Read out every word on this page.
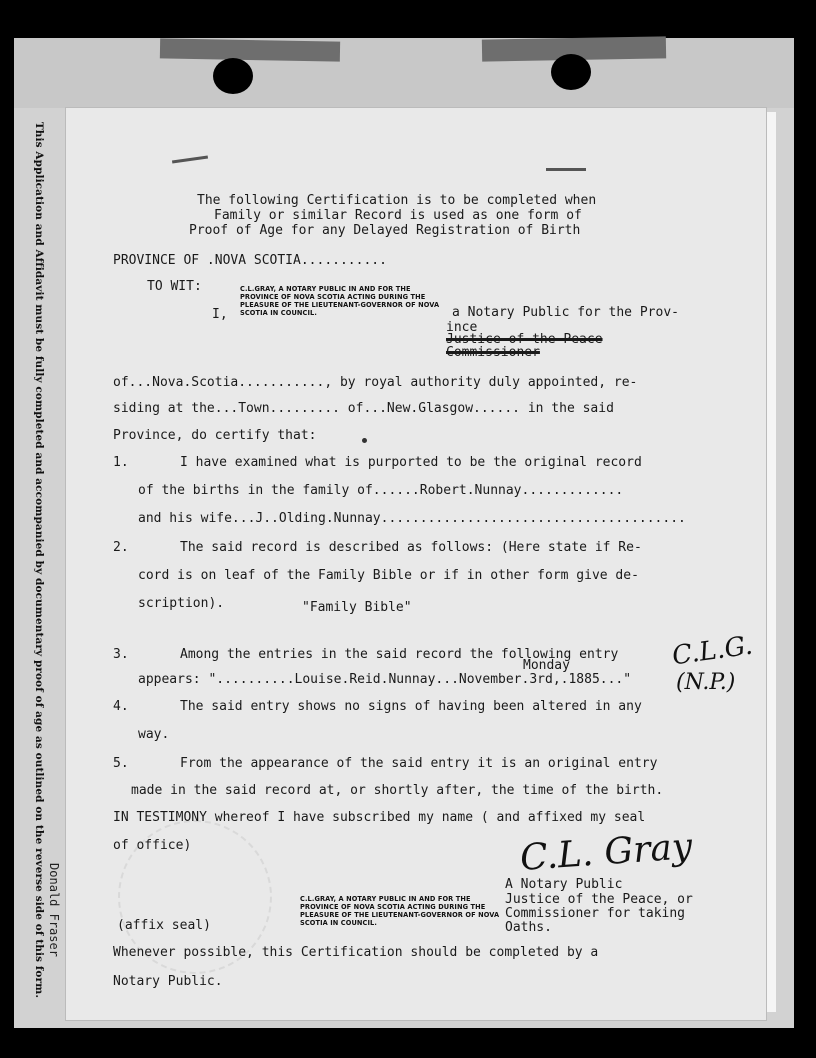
This Application and Affidavit must be fully completed and accompanied by documentary proof of age as outlined on the reverse side of this form. Donald Fraser
The following Certification is to be completed when
Family or similar Record is used as one form of
Proof of Age for any Delayed Registration of Birth
PROVINCE OF .NOVA SCOTIA...........
TO WIT:	C.L.GRAY, A NOTARY PUBLIC IN AND FOR THE
PROVINCE OF NOVA SCOTIA ACTING DURING THE
PLEASURE OF THE LIEUTENANT-GOVERNOR OF NOVA
SCOTIA IN COUNCIL.
I,	a Notary Public for the Prov-
ince
Justice of the Peace
Commissioner
of...Nova.Scotia..........., by royal authority duly appointed, re-
siding at the...Town......... of...New.Glasgow...... in the said
Province, do certify that:
1.	I have examined what is purported to be the original record
of the births in the family of......Robert.Nunnay.............
and his wife...J..Olding.Nunnay.......................................
2.	The said record is described as follows: (Here state if Re-
cord is on leaf of the Family Bible or if in other form give de-
scription).	"Family Bible"
3.	Among the entries in the said record the following entry
Monday
appears: "..........Louise.Reid.Nunnay...November.3rd,.1885..."
4.	The said entry shows no signs of having been altered in any
way.
5.	From the appearance of the said entry it is an original entry
made in the said record at, or shortly after, the time of the birth.
IN TESTIMONY whereof I have subscribed my name ( and affixed my seal
of office)
C.L.G.
(N.P.)
C.L. Gray
A Notary Public
Justice of the Peace, or
Commissioner for taking
Oaths.
C.L.GRAY, A NOTARY PUBLIC IN AND FOR THE
PROVINCE OF NOVA SCOTIA ACTING DURING THE
PLEASURE OF THE LIEUTENANT-GOVERNOR OF NOVA
SCOTIA IN COUNCIL.
(affix seal)
Whenever possible, this Certification should be completed by a
Notary Public.
